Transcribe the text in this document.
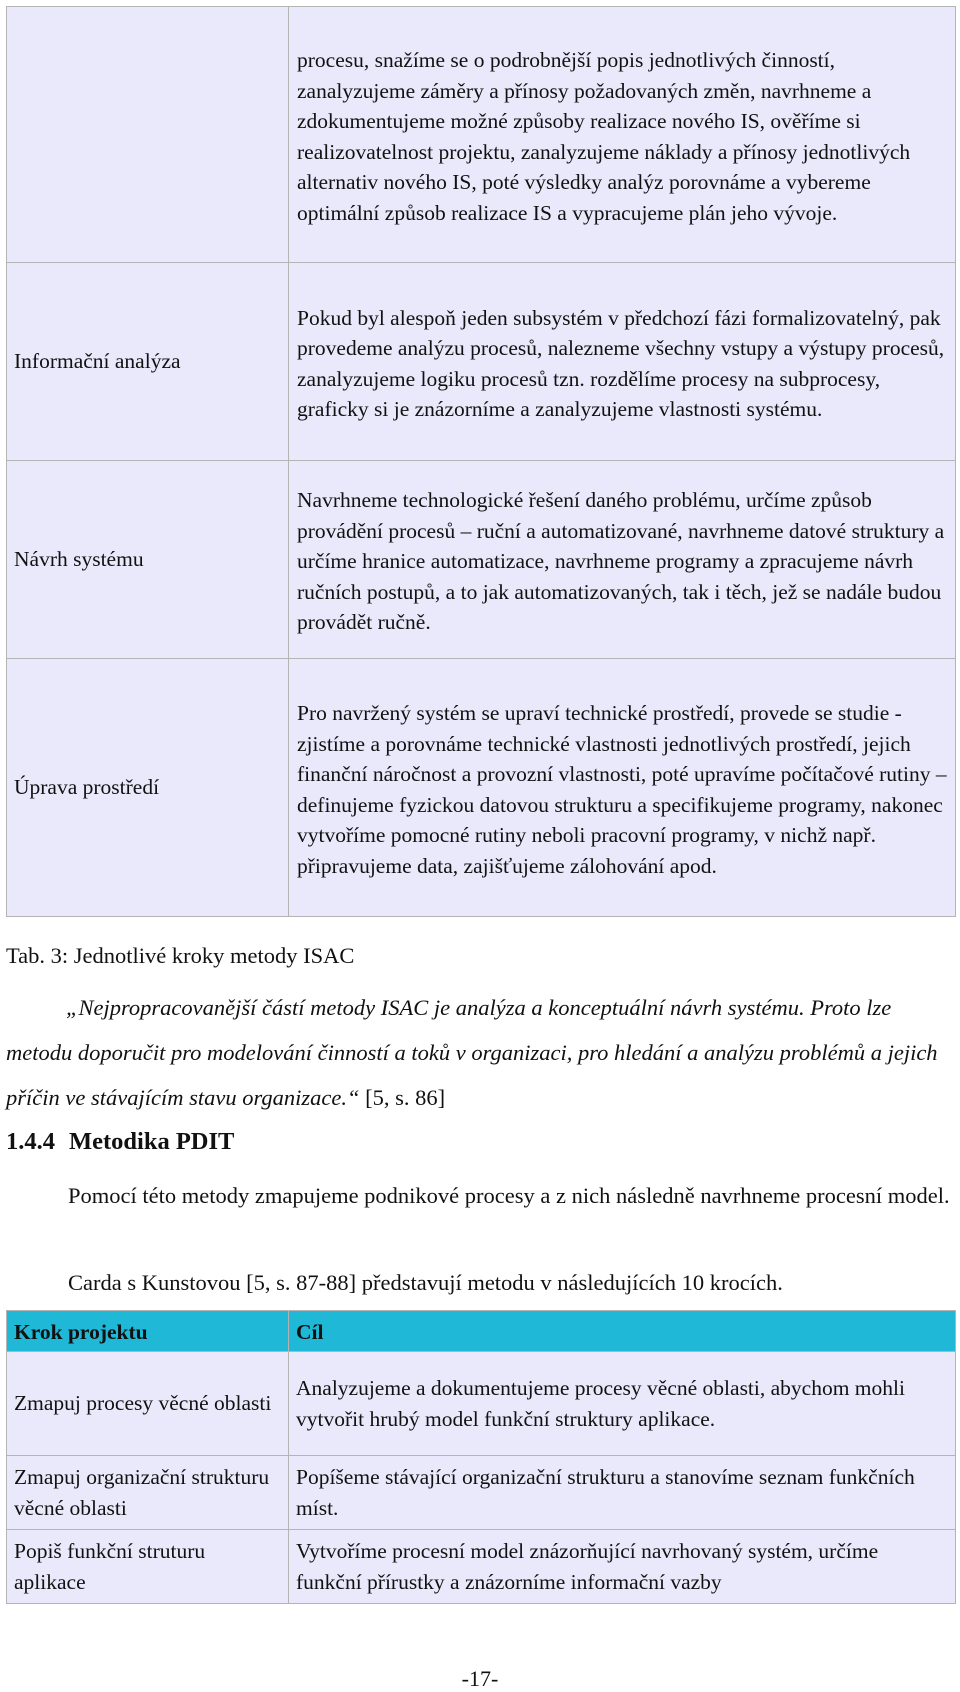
	procesu, snažíme se o podrobnější popis jednotlivých činností, zanalyzujeme záměry a přínosy požadovaných změn, navrhneme a zdokumentujeme možné způsoby realizace nového IS, ověříme si realizovatelnost projektu, zanalyzujeme náklady a přínosy jednotlivých alternativ nového IS, poté výsledky analýz porovnáme a vybereme optimální způsob realizace IS a vypracujeme plán jeho vývoje.
Informační analýza	Pokud byl alespoň jeden subsystém v předchozí fázi formalizovatelný, pak provedeme analýzu procesů, nalezneme všechny vstupy a výstupy procesů, zanalyzujeme logiku procesů tzn. rozdělíme procesy na subprocesy, graficky si je znázorníme a zanalyzujeme vlastnosti systému.
Návrh systému	Navrhneme technologické řešení daného problému, určíme způsob provádění procesů – ruční a automatizované, navrhneme datové struktury a určíme hranice automatizace, navrhneme programy a zpracujeme návrh ručních postupů, a to jak automatizovaných, tak i těch, jež se nadále budou provádět ručně.
Úprava prostředí	Pro navržený systém se upraví technické prostředí, provede se studie - zjistíme a porovnáme technické vlastnosti jednotlivých prostředí, jejich finanční náročnost a provozní vlastnosti, poté upravíme počítačové rutiny – definujeme fyzickou datovou strukturu a specifikujeme programy, nakonec vytvoříme pomocné rutiny neboli pracovní programy, v nichž např. připravujeme data, zajišťujeme zálohování apod.

Tab. 3: Jednotlivé kroky metody ISAC

„Nejpropracovanější částí metody ISAC je analýza a konceptuální návrh systému. Proto lze metodu doporučit pro modelování činností a toků v organizaci, pro hledání a analýzu problémů a jejich příčin ve stávajícím stavu organizace.“ [5, s. 86]

1.4.4 Metodika PDIT

Pomocí této metody zmapujeme podnikové procesy a z nich následně navrhneme procesní model.

Carda s Kunstovou [5, s. 87-88] představují metodu v následujících 10 krocích.

Krok projektu	Cíl
Zmapuj procesy věcné oblasti	Analyzujeme a dokumentujeme procesy věcné oblasti, abychom mohli vytvořit hrubý model funkční struktury aplikace.
Zmapuj organizační strukturu věcné oblasti	Popíšeme stávající organizační strukturu a stanovíme seznam funkčních míst.
Popiš funkční struturu aplikace	Vytvoříme procesní model znázorňující navrhovaný systém, určíme funkční přírustky a znázorníme informační vazby
-17-
